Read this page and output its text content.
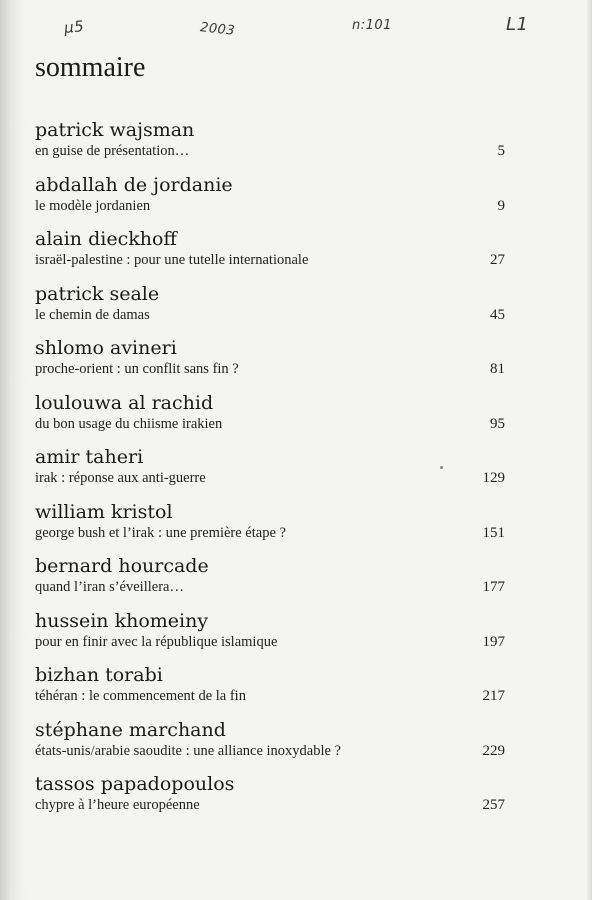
μ5	2003	n:101	L1
sommaire
patrick wajsman
en guise de présentation…	5
abdallah de jordanie
le modèle jordanien	9
alain dieckhoff
israël-palestine : pour une tutelle internationale	27
patrick seale
le chemin de damas	45
shlomo avineri
proche-orient : un conflit sans fin ?	81
loulouwa al rachid
du bon usage du chiisme irakien	95
amir taheri
irak : réponse aux anti-guerre	129
william kristol
george bush et l’irak : une première étape ?	151
bernard hourcade
quand l’iran s’éveillera…	177
hussein khomeiny
pour en finir avec la république islamique	197
bizhan torabi
téhéran : le commencement de la fin	217
stéphane marchand
états-unis/arabie saoudite : une alliance inoxydable ?	229
tassos papadopoulos
chypre à l’heure européenne	257
